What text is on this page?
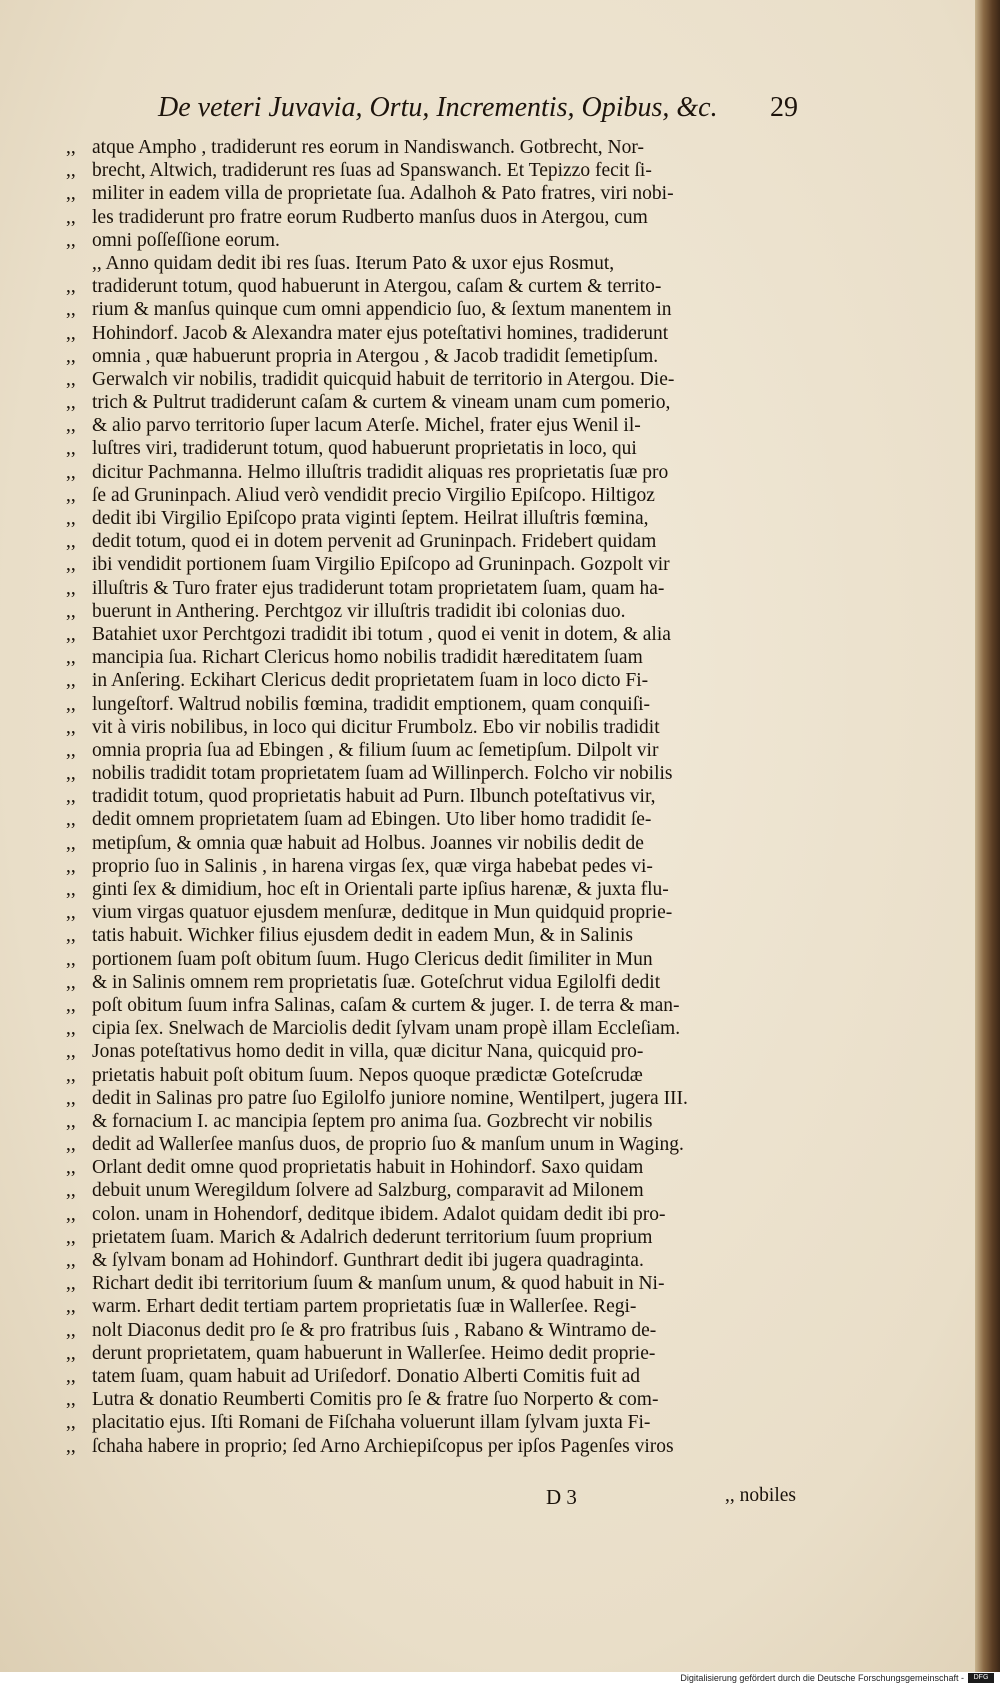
De veteri Juvavia, Ortu, Incrementis, Opibus, &c. 29
,, atque Ampho , tradiderunt res eorum in Nandiswanch. Gotbrecht, Nor-
,, brecht, Altwich, tradiderunt res ſuas ad Spanswanch. Et Tepizzo fecit ſi-
,, militer in eadem villa de proprietate ſua. Adalhoh & Pato fratres, viri nobi-
,, les tradiderunt pro fratre eorum Rudberto manſus duos in Atergou, cum
,, omni poſſeſſione eorum.
,, Anno quidam dedit ibi res ſuas. Iterum Pato & uxor ejus Rosmut,
,, tradiderunt totum, quod habuerunt in Atergou, caſam & curtem & territo-
,, rium & manſus quinque cum omni appendicio ſuo, & ſextum manentem in
,, Hohindorf. Jacob & Alexandra mater ejus poteſtativi homines, tradiderunt
,, omnia , quæ habuerunt propria in Atergou , & Jacob tradidit ſemetipſum.
,, Gerwalch vir nobilis, tradidit quicquid habuit de territorio in Atergou. Die-
,, trich & Pultrut tradiderunt caſam & curtem & vineam unam cum pomerio,
,, & alio parvo territorio ſuper lacum Aterſe. Michel, frater ejus Wenil il-
,, luſtres viri, tradiderunt totum, quod habuerunt proprietatis in loco, qui
,, dicitur Pachmanna. Helmo illuſtris tradidit aliquas res proprietatis ſuæ pro
,, ſe ad Gruninpach. Aliud verò vendidit precio Virgilio Epiſcopo. Hiltigoz
,, dedit ibi Virgilio Epiſcopo prata viginti ſeptem. Heilrat illuſtris fœmina,
,, dedit totum, quod ei in dotem pervenit ad Gruninpach. Fridebert quidam
,, ibi vendidit portionem ſuam Virgilio Epiſcopo ad Gruninpach. Gozpolt vir
,, illuſtris & Turo frater ejus tradiderunt totam proprietatem ſuam, quam ha-
,, buerunt in Anthering. Perchtgoz vir illuſtris tradidit ibi colonias duo.
,, Batahiet uxor Perchtgozi tradidit ibi totum , quod ei venit in dotem, & alia
,, mancipia ſua. Richart Clericus homo nobilis tradidit hæreditatem ſuam
,, in Anſering. Eckihart Clericus dedit proprietatem ſuam in loco dicto Fi-
,, lungeſtorf. Waltrud nobilis fœmina, tradidit emptionem, quam conquiſi-
,, vit à viris nobilibus, in loco qui dicitur Frumbolz. Ebo vir nobilis tradidit
,, omnia propria ſua ad Ebingen , & filium ſuum ac ſemetipſum. Dilpolt vir
,, nobilis tradidit totam proprietatem ſuam ad Willinperch. Folcho vir nobilis
,, tradidit totum, quod proprietatis habuit ad Purn. Ilbunch poteſtativus vir,
,, dedit omnem proprietatem ſuam ad Ebingen. Uto liber homo tradidit ſe-
,, metipſum, & omnia quæ habuit ad Holbus. Joannes vir nobilis dedit de
,, proprio ſuo in Salinis , in harena virgas ſex, quæ virga habebat pedes vi-
,, ginti ſex & dimidium, hoc eſt in Orientali parte ipſius harenæ, & juxta flu-
,, vium virgas quatuor ejusdem menſuræ, deditque in Mun quidquid proprie-
,, tatis habuit. Wichker filius ejusdem dedit in eadem Mun, & in Salinis
,, portionem ſuam poſt obitum ſuum. Hugo Clericus dedit ſimiliter in Mun
,, & in Salinis omnem rem proprietatis ſuæ. Goteſchrut vidua Egilolfi dedit
,, poſt obitum ſuum infra Salinas, caſam & curtem & juger. I. de terra & man-
,, cipia ſex. Snelwach de Marciolis dedit ſylvam unam propè illam Eccleſiam.
,, Jonas poteſtativus homo dedit in villa, quæ dicitur Nana, quicquid pro-
,, prietatis habuit poſt obitum ſuum. Nepos quoque prædictæ Goteſcrudæ
,, dedit in Salinas pro patre ſuo Egilolfo juniore nomine, Wentilpert, jugera III.
,, & fornacium I. ac mancipia ſeptem pro anima ſua. Gozbrecht vir nobilis
,, dedit ad Wallerſee manſus duos, de proprio ſuo & manſum unum in Waging.
,, Orlant dedit omne quod proprietatis habuit in Hohindorf. Saxo quidam
,, debuit unum Weregildum ſolvere ad Salzburg, comparavit ad Milonem
,, colon. unam in Hohendorf, deditque ibidem. Adalot quidam dedit ibi pro-
,, prietatem ſuam. Marich & Adalrich dederunt territorium ſuum proprium
,, & ſylvam bonam ad Hohindorf. Gunthrart dedit ibi jugera quadraginta.
,, Richart dedit ibi territorium ſuum & manſum unum, & quod habuit in Ni-
,, warm. Erhart dedit tertiam partem proprietatis ſuæ in Wallerſee. Regi-
,, nolt Diaconus dedit pro ſe & pro fratribus ſuis , Rabano & Wintramo de-
,, derunt proprietatem, quam habuerunt in Wallerſee. Heimo dedit proprie-
,, tatem ſuam, quam habuit ad Uriſedorf. Donatio Alberti Comitis fuit ad
,, Lutra & donatio Reumberti Comitis pro ſe & fratre ſuo Norperto & com-
,, placitatio ejus. Iſti Romani de Fiſchaha voluerunt illam ſylvam juxta Fi-
,, ſchaha habere in proprio; ſed Arno Archiepiſcopus per ipſos Pagenſes viros
D 3	,, nobiles
Digitalisierung gefördert durch die Deutsche Forschungsgemeinschaft -	DFG
